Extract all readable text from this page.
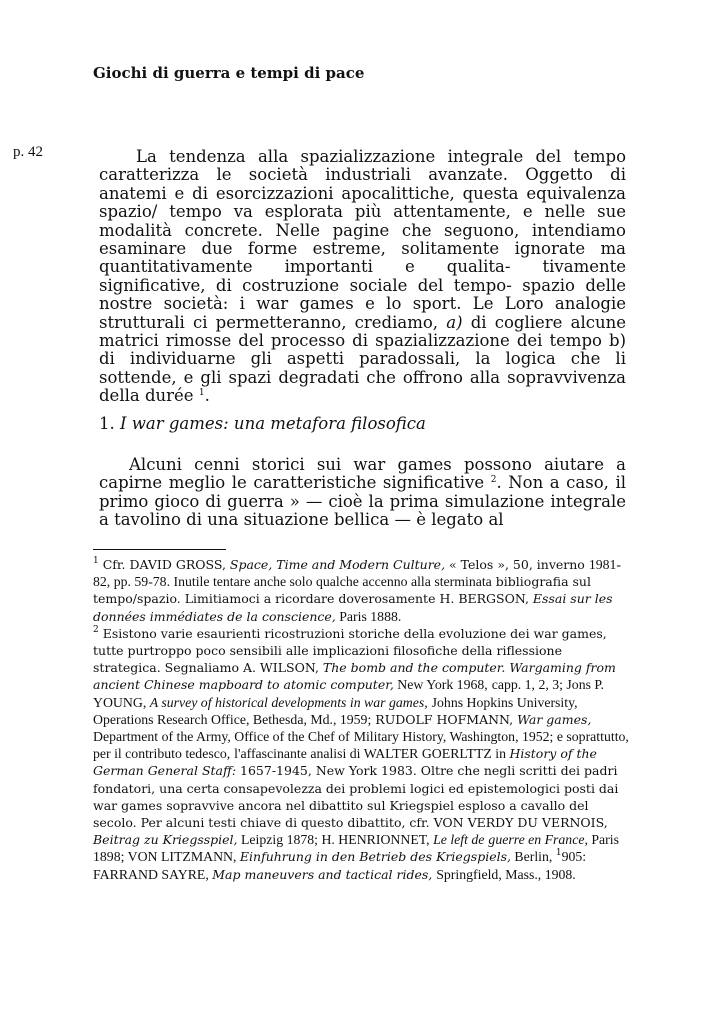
Giochi di guerra e tempi di pace
p. 42	La tendenza alla spazializzazione integrale del tempo caratterizza le società industriali avanzate. Oggetto di anatemi e di esorcizzazioni apocalittiche, questa equivalenza spazio/ tempo va esplorata più attentamente, e nelle sue modalità concrete. Nelle pagine che seguono, intendiamo esaminare due forme estreme, solitamente ignorate ma quantitativamente importanti e qualita- tivamente significative, di costruzione sociale del tempo- spazio delle nostre società: i war games e lo sport. Le Loro analogie strutturali ci permetteranno, crediamo, a) di cogliere alcune matrici rimosse del processo di spazializzazione dei tempo b) di individuarne gli aspetti paradossali, la logica che li sottende, e gli spazi degradati che offrono alla sopravvivenza della durée $^1$.

1. I war games: una metafora filosofica

Alcuni cenni storici sui war games possono aiutare a capirne meglio le caratteristiche significative $^2$. Non a caso, il primo gioco di guerra » — cioè la prima simulazione integrale a tavolino di una situazione bellica — è legato al

$^1$ Cfr. DAVID GROSS, Space, Time and Modern Culture, « Telos », 50, inverno 1981-82, pp. 59-78. Inutile tentare anche solo qualche accenno alla sterminata bibliografia sul tempo/spazio. Limitiamoci a ricordare doverosamente H. BERGSON, Essai sur les données immédiates de la conscience, Paris 1888.

$^2$ Esistono varie esaurienti ricostruzioni storiche della evoluzione dei war games, tutte purtroppo poco sensibili alle implicazioni filosofiche della riflessione strategica. Segnaliamo A. WILSON, The bomb and the computer. Wargaming from ancient Chinese mapboard to atomic computer, New York 1968, capp. 1, 2, 3; Jons P. YOUNG, A survey of historical developments in war games, Johns Hopkins University, Operations Research Office, Bethesda, Md., 1959; RUDOLF HOFMANN, War games, Department of the Army, Office of the Chef of Military History, Washington, 1952; e soprattutto, per il contributo tedesco, l'affascinante analisi di WALTER GOERLTTZ in History of the German General Staff: 1657-1945, New York 1983. Oltre che negli scritti dei padri fondatori, una certa consapevolezza dei problemi logici ed epistemologici posti dai war games sopravvive ancora nel dibattito sul Kriegspiel esploso a cavallo del secolo. Per alcuni testi chiave di questo dibattito, cfr. VON VERDY DU VERNOIS, Beitrag zu Kriegsspiel, Leipzig 1878; H. HENRIONNET, Le left de guerre en France, Paris 1898; VON LITZMANN, Einfuhrung in den Betrieb des Kriegspiels, Berlin, $^1$905: FARRAND SAYRE, Map maneuvers and tactical rides, Springfield, Mass., 1908.
